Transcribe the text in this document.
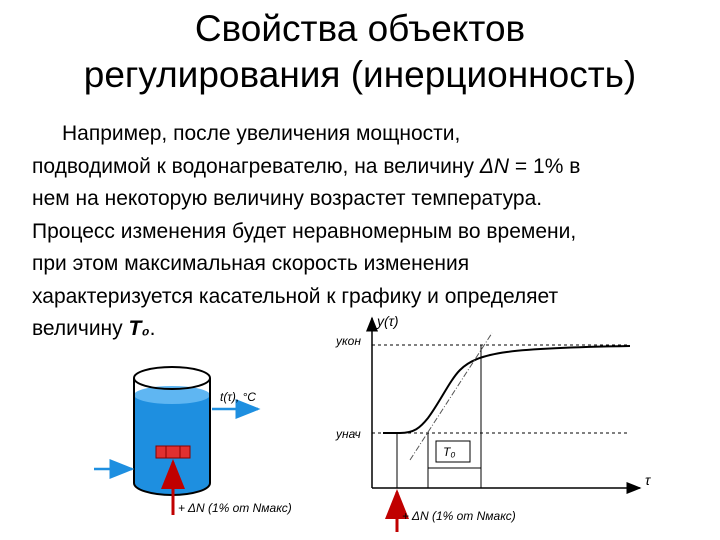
Свойства объектов
регулирования (инерционность)
Например, после увеличения мощности,
подводимой к водонагревателю, на величину ΔN = 1% в
нем на некоторую величину возрастет температура.
Процесс изменения будет неравномерным во времени,
при этом максимальная скорость изменения
характеризуется касательной к графику и определяет
величину T₀.
t(τ), °C
+ ΔN (1% от Nмакс)
y(τ)
τ
yкон
yнач
T₀
+ ΔN (1% от Nмакс)
